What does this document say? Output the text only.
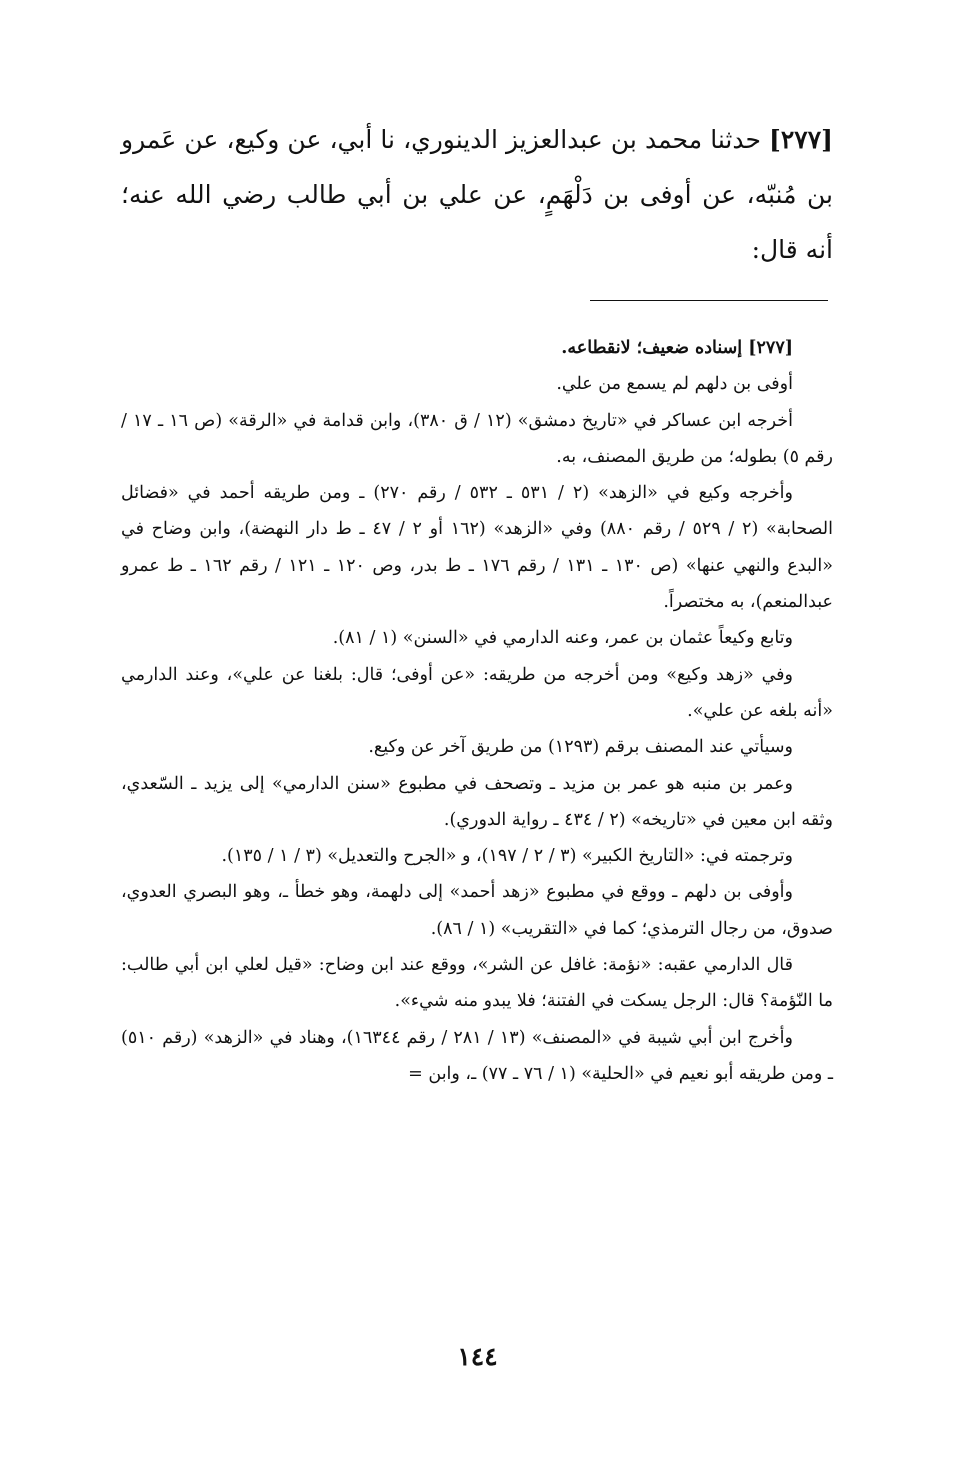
[٢٧٧] حدثنا محمد بن عبدالعزيز الدينوري، نا أبي، عن وكيع، عن عَمرو بن مُنبّه، عن أوفى بن دَلْهَمٍ، عن علي بن أبي طالب رضي الله عنه؛ أنه قال:

[٢٧٧] إسناده ضعيف؛ لانقطاعه.

أوفى بن دلهم لم يسمع من علي.

أخرجه ابن عساكر في «تاريخ دمشق» (١٢ / ق ٣٨٠)، وابن قدامة في «الرقة» (ص ١٦ ـ ١٧ / رقم ٥) بطوله؛ من طريق المصنف، به.

وأخرجه وكيع في «الزهد» (٢ / ٥٣١ ـ ٥٣٢ / رقم ٢٧٠) ـ ومن طريقه أحمد في «فضائل الصحابة» (٢ / ٥٢٩ / رقم ٨٨٠) وفي «الزهد» (١٦٢ أو ٢ / ٤٧ ـ ط دار النهضة)، وابن وضاح في «البدع والنهي عنها» (ص ١٣٠ ـ ١٣١ / رقم ١٧٦ ـ ط بدر، وص ١٢٠ ـ ١٢١ / رقم ١٦٢ ـ ط عمرو عبدالمنعم)، به مختصراً.

وتابع وكيعاً عثمان بن عمر، وعنه الدارمي في «السنن» (١ / ٨١).

وفي «زهد وكيع» ومن أخرجه من طريقه: «عن أوفى؛ قال: بلغنا عن علي»، وعند الدارمي «أنه بلغه عن علي».

وسيأتي عند المصنف برقم (١٢٩٣) من طريق آخر عن وكيع.

وعمر بن منبه هو عمر بن مزيد ـ وتصحف في مطبوع «سنن الدارمي» إلى يزيد ـ السّعدي، وثقه ابن معين في «تاريخه» (٢ / ٤٣٤ ـ رواية الدوري).

وترجمته في: «التاريخ الكبير» (٣ / ٢ / ١٩٧)، و «الجرح والتعديل» (٣ / ١ / ١٣٥).

وأوفى بن دلهم ـ ووقع في مطبوع «زهد أحمد» إلى دلهمة، وهو خطأ ـ، وهو البصري العدوي، صدوق، من رجال الترمذي؛ كما في «التقريب» (١ / ٨٦).

قال الدارمي عقبه: «نؤمة: غافل عن الشر»، ووقع عند ابن وضاح: «قيل لعلي ابن أبي طالب: ما النّؤمة؟ قال: الرجل يسكت في الفتنة؛ فلا يبدو منه شيء».

وأخرج ابن أبي شيبة في «المصنف» (١٣ / ٢٨١ / رقم ١٦٣٤٤)، وهناد في «الزهد» (رقم ٥١٠) ـ ومن طريقه أبو نعيم في «الحلية» (١ / ٧٦ ـ ٧٧) ـ، وابن =

١٤٤
